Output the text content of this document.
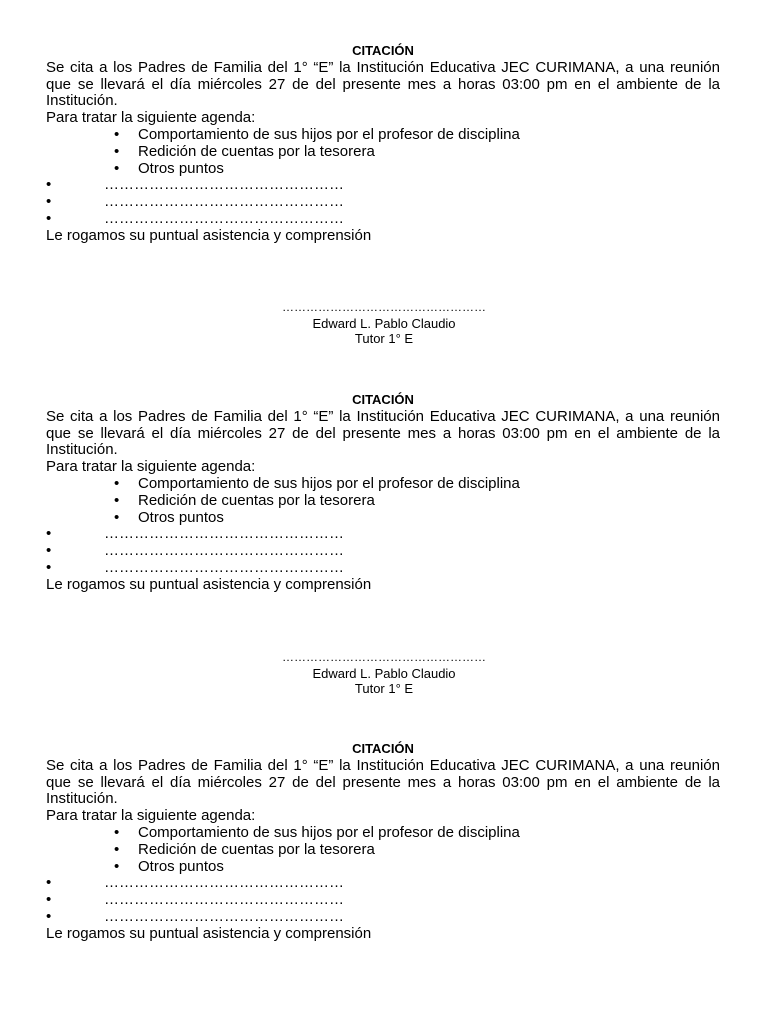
CITACIÓN

Se cita a los Padres de Familia del 1° “E” la Institución Educativa JEC CURIMANA, a una reunión que se llevará el día miércoles 27 de del presente mes a horas 03:00 pm en el ambiente de la Institución.

Para tratar la siguiente agenda:

• Comportamiento de sus hijos por el profesor de disciplina

• Redición de cuentas por la tesorera

• Otros puntos

•	…………………………………………

•	…………………………………………

•	…………………………………………

Le rogamos su puntual asistencia y comprensión

……………………………………………

Edward L. Pablo Claudio

Tutor 1° E

CITACIÓN

Se cita a los Padres de Familia del 1° “E” la Institución Educativa JEC CURIMANA, a una reunión que se llevará el día miércoles 27 de del presente mes a horas 03:00 pm en el ambiente de la Institución.

Para tratar la siguiente agenda:

• Comportamiento de sus hijos por el profesor de disciplina

• Redición de cuentas por la tesorera

• Otros puntos

•	…………………………………………

•	…………………………………………

•	…………………………………………

Le rogamos su puntual asistencia y comprensión

……………………………………………

Edward L. Pablo Claudio

Tutor 1° E

CITACIÓN

Se cita a los Padres de Familia del 1° “E” la Institución Educativa JEC CURIMANA, a una reunión que se llevará el día miércoles 27 de del presente mes a horas 03:00 pm en el ambiente de la Institución.

Para tratar la siguiente agenda:

• Comportamiento de sus hijos por el profesor de disciplina

• Redición de cuentas por la tesorera

• Otros puntos

•	…………………………………………

•	…………………………………………

•	…………………………………………

Le rogamos su puntual asistencia y comprensión
